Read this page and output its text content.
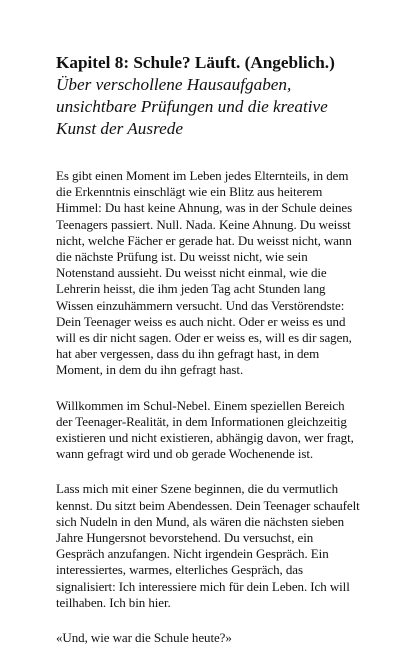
Kapitel 8: Schule? Läuft. (Angeblich.) Über verschollene Hausaufgaben, unsichtbare Prüfungen und die kreative Kunst der Ausrede

Es gibt einen Moment im Leben jedes Elternteils, in dem die Erkenntnis einschlägt wie ein Blitz aus heiterem Himmel: Du hast keine Ahnung, was in der Schule deines Teenagers passiert. Null. Nada. Keine Ahnung. Du weisst nicht, welche Fächer er gerade hat. Du weisst nicht, wann die nächste Prüfung ist. Du weisst nicht, wie sein Notenstand aussieht. Du weisst nicht einmal, wie die Lehrerin heisst, die ihm jeden Tag acht Stunden lang Wissen einzuhämmern versucht. Und das Verstörendste: Dein Teenager weiss es auch nicht. Oder er weiss es und will es dir nicht sagen. Oder er weiss es, will es dir sagen, hat aber vergessen, dass du ihn gefragt hast, in dem Moment, in dem du ihn gefragt hast.

Willkommen im Schul-Nebel. Einem speziellen Bereich der Teenager-Realität, in dem Informationen gleichzeitig existieren und nicht existieren, abhängig davon, wer fragt, wann gefragt wird und ob gerade Wochenende ist.

Lass mich mit einer Szene beginnen, die du vermutlich kennst. Du sitzt beim Abendessen. Dein Teenager schaufelt sich Nudeln in den Mund, als wären die nächsten sieben Jahre Hungersnot bevorstehend. Du versuchst, ein Gespräch anzufangen. Nicht irgendein Gespräch. Ein interessiertes, warmes, elterliches Gespräch, das signalisiert: Ich interessiere mich für dein Leben. Ich will teilhaben. Ich bin hier.

«Und, wie war die Schule heute?»
